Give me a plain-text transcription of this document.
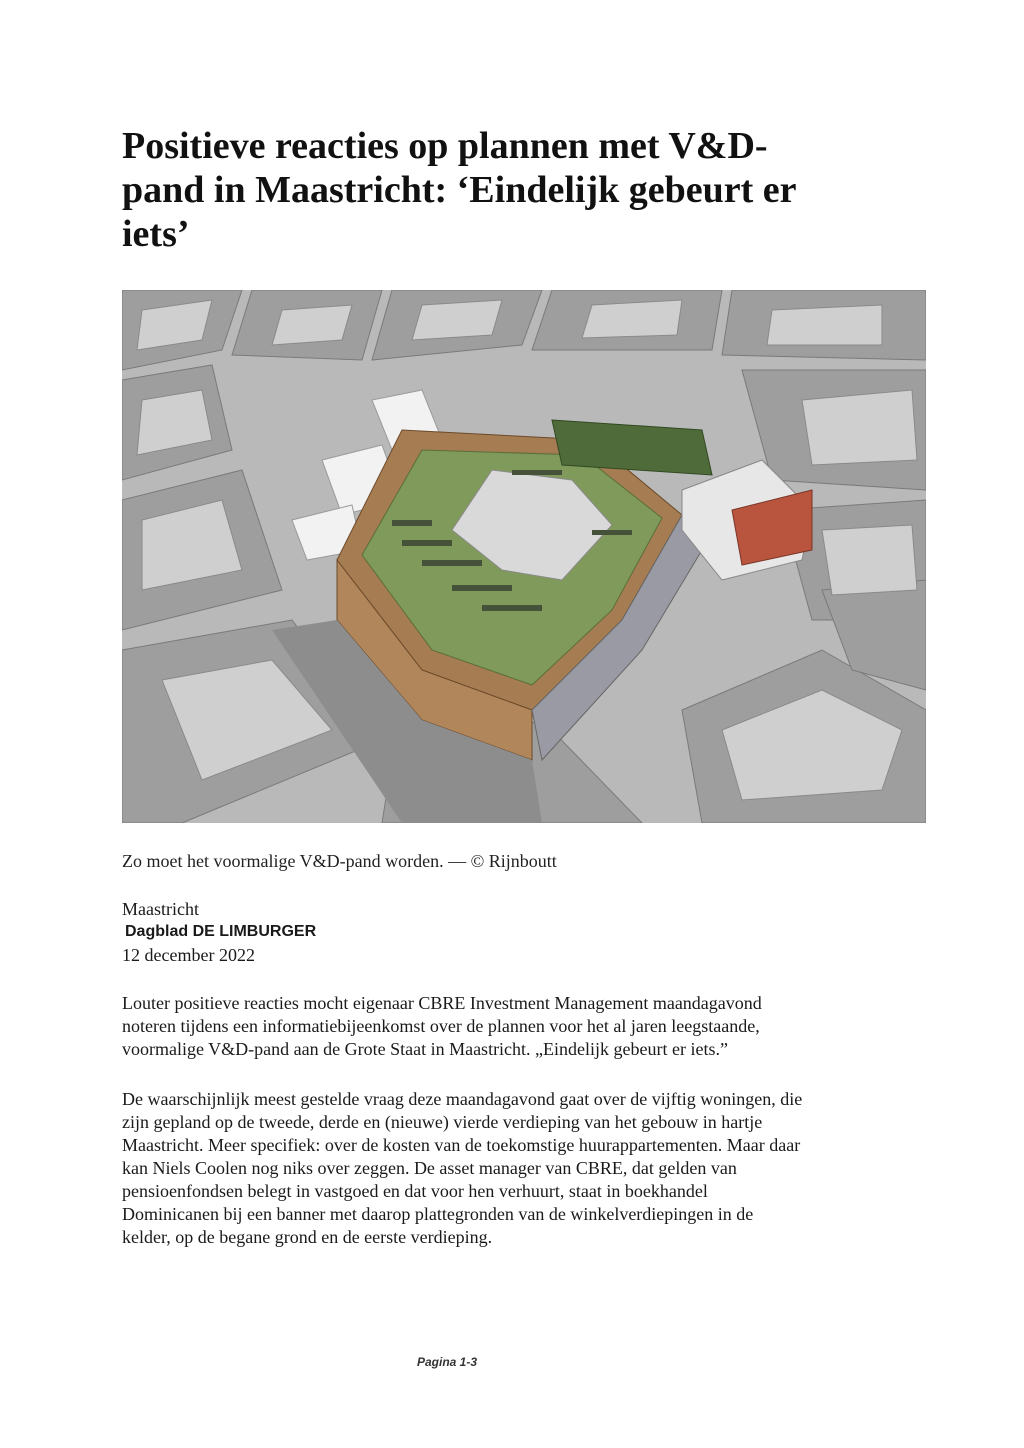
Positieve reacties op plannen met V&D-
pand in Maastricht: ‘Eindelijk gebeurt er
iets’
Zo moet het voormalige V&D-pand worden. — © Rijnboutt
Maastricht
Dagblad DE LIMBURGER
12 december 2022

Louter positieve reacties mocht eigenaar CBRE Investment Management maandagavond
noteren tijdens een informatiebijeenkomst over de plannen voor het al jaren leegstaande,
voormalige V&D-pand aan de Grote Staat in Maastricht. „Eindelijk gebeurt er iets.”

De waarschijnlijk meest gestelde vraag deze maandagavond gaat over de vijftig woningen, die
zijn gepland op de tweede, derde en (nieuwe) vierde verdieping van het gebouw in hartje
Maastricht. Meer specifiek: over de kosten van de toekomstige huurappartementen. Maar daar
kan Niels Coolen nog niks over zeggen. De asset manager van CBRE, dat gelden van
pensioenfondsen belegt in vastgoed en dat voor hen verhuurt, staat in boekhandel
Dominicanen bij een banner met daarop plattegronden van de winkelverdiepingen in de
kelder, op de begane grond en de eerste verdieping.

Pagina 1-3
